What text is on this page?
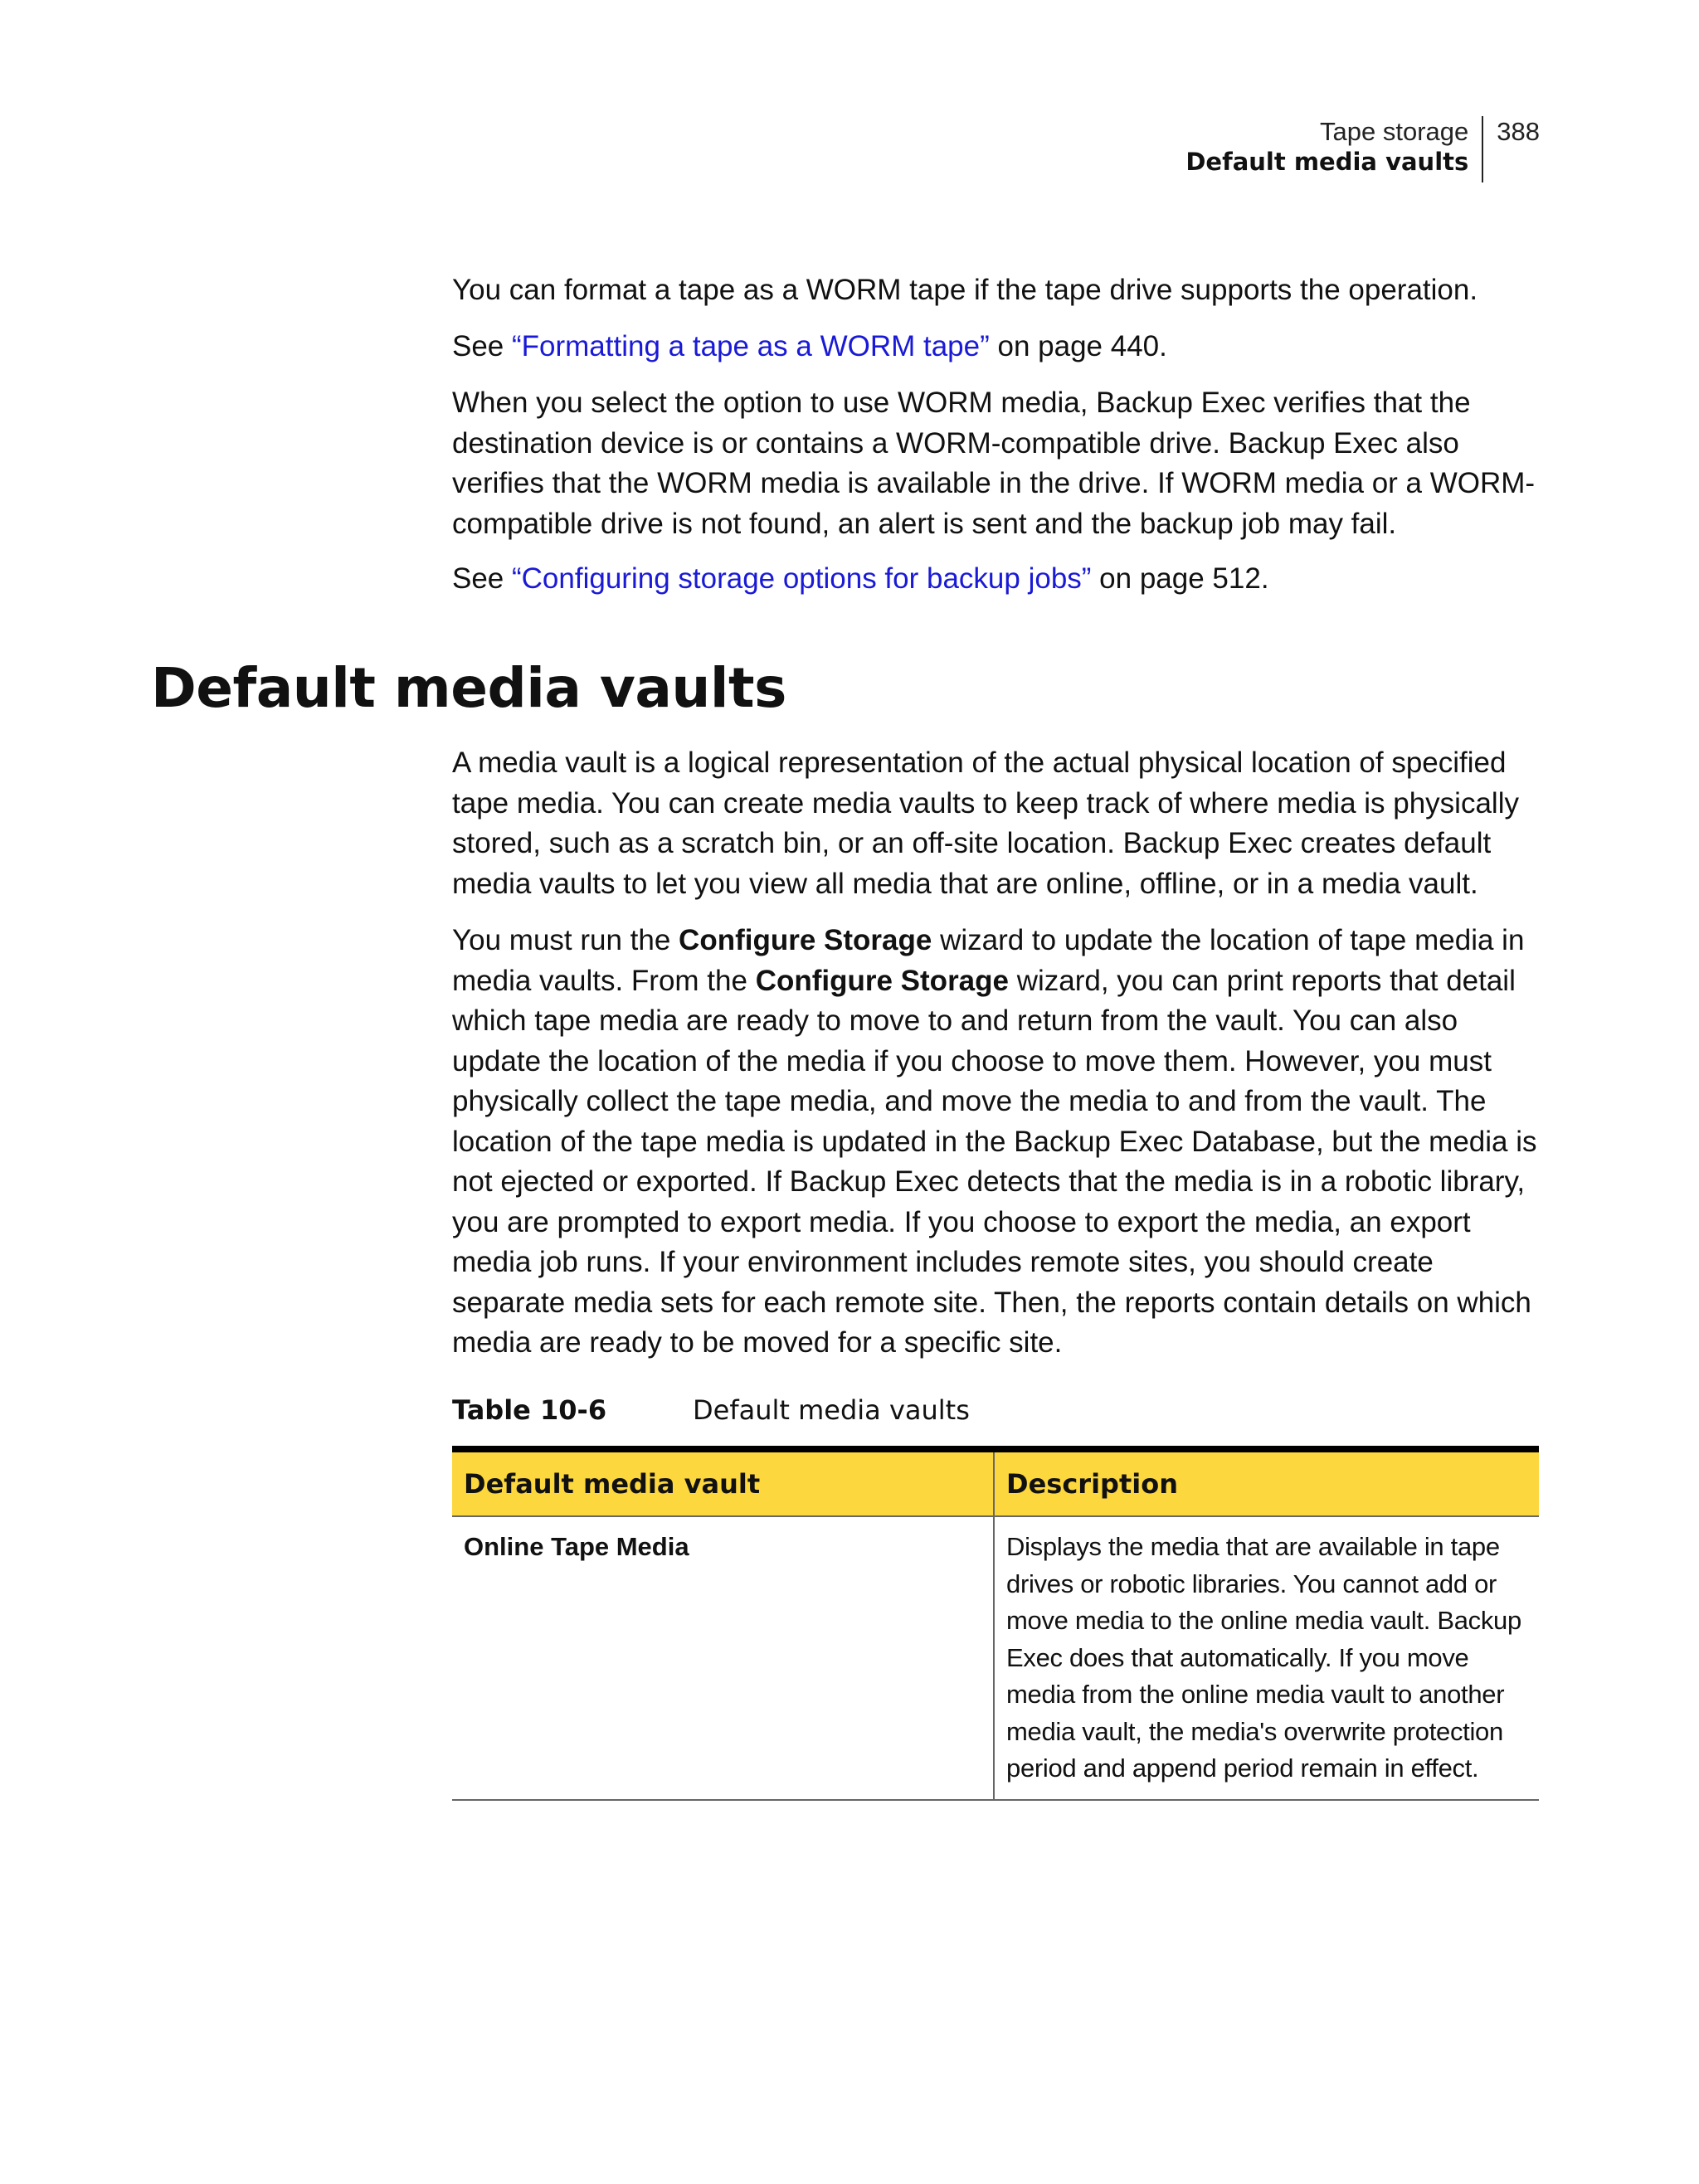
Tape storage
Default media vaults
388

You can format a tape as a WORM tape if the tape drive supports the operation.

See “Formatting a tape as a WORM tape” on page 440.

When you select the option to use WORM media, Backup Exec verifies that the destination device is or contains a WORM-compatible drive. Backup Exec also verifies that the WORM media is available in the drive. If WORM media or a WORM-compatible drive is not found, an alert is sent and the backup job may fail.

See “Configuring storage options for backup jobs” on page 512.

Default media vaults

A media vault is a logical representation of the actual physical location of specified tape media. You can create media vaults to keep track of where media is physically stored, such as a scratch bin, or an off-site location. Backup Exec creates default media vaults to let you view all media that are online, offline, or in a media vault.

You must run the Configure Storage wizard to update the location of tape media in media vaults. From the Configure Storage wizard, you can print reports that detail which tape media are ready to move to and return from the vault. You can also update the location of the media if you choose to move them. However, you must physically collect the tape media, and move the media to and from the vault. The location of the tape media is updated in the Backup Exec Database, but the media is not ejected or exported. If Backup Exec detects that the media is in a robotic library, you are prompted to export media. If you choose to export the media, an export media job runs. If your environment includes remote sites, you should create separate media sets for each remote site. Then, the reports contain details on which media are ready to be moved for a specific site.

Table 10-6	Default media vaults
Default media vault	Description
Online Tape Media	Displays the media that are available in tape drives or robotic libraries. You cannot add or move media to the online media vault. Backup Exec does that automatically. If you move media from the online media vault to another media vault, the media's overwrite protection period and append period remain in effect.
